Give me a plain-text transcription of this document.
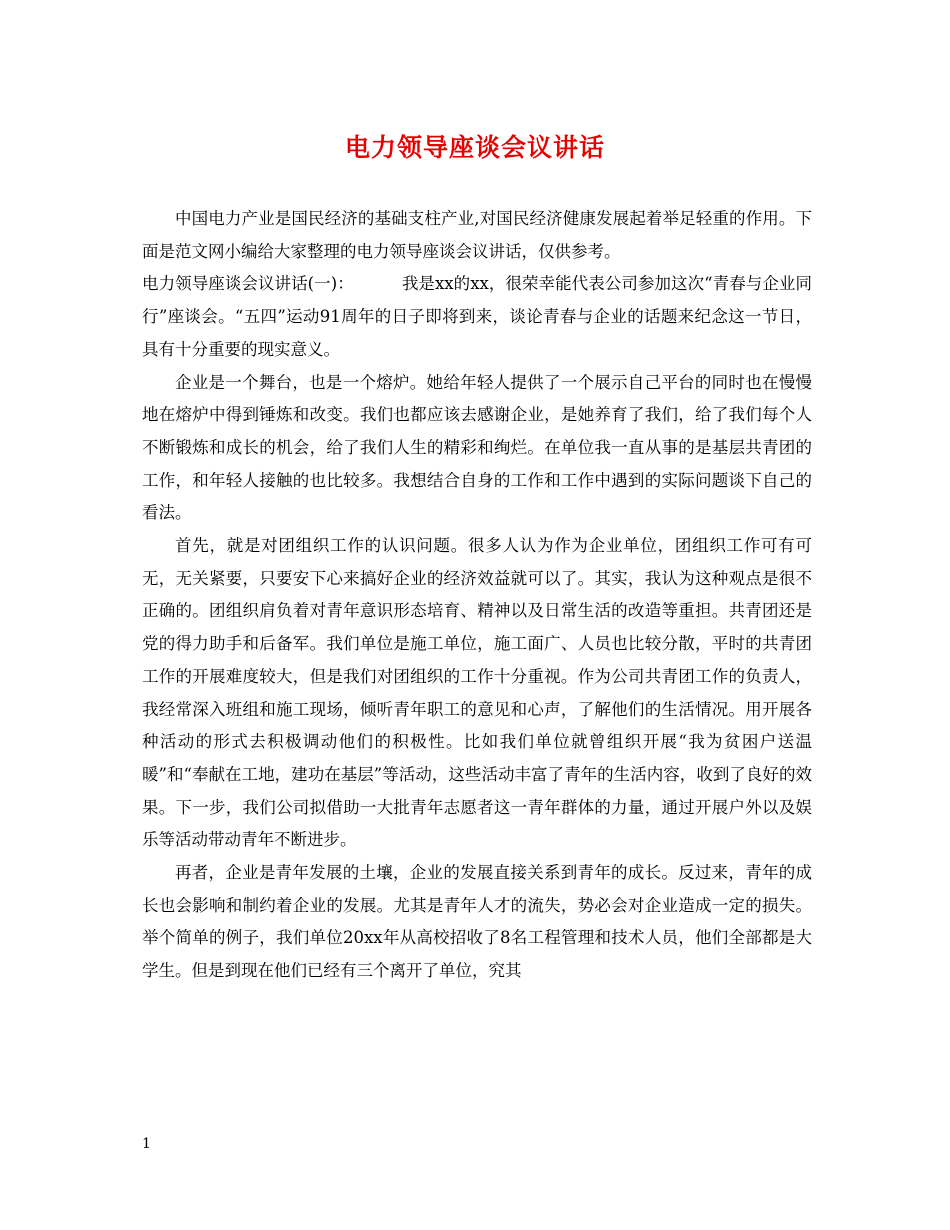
电力领导座谈会议讲话

中国电力产业是国民经济的基础支柱产业,对国民经济健康发展起着举足轻重的作用。下面是范文网小编给大家整理的电力领导座谈会议讲话，仅供参考。

电力领导座谈会议讲话(一)：	我是xx的xx，很荣幸能代表公司参加这次“青春与企业同行”座谈会。“五四”运动91周年的日子即将到来，谈论青春与企业的话题来纪念这一节日，具有十分重要的现实意义。

企业是一个舞台，也是一个熔炉。她给年轻人提供了一个展示自己平台的同时也在慢慢地在熔炉中得到锤炼和改变。我们也都应该去感谢企业，是她养育了我们，给了我们每个人不断锻炼和成长的机会，给了我们人生的精彩和绚烂。在单位我一直从事的是基层共青团的工作，和年轻人接触的也比较多。我想结合自身的工作和工作中遇到的实际问题谈下自己的看法。

首先，就是对团组织工作的认识问题。很多人认为作为企业单位，团组织工作可有可无，无关紧要，只要安下心来搞好企业的经济效益就可以了。其实，我认为这种观点是很不正确的。团组织肩负着对青年意识形态培育、精神以及日常生活的改造等重担。共青团还是党的得力助手和后备军。我们单位是施工单位，施工面广、人员也比较分散，平时的共青团工作的开展难度较大，但是我们对团组织的工作十分重视。作为公司共青团工作的负责人，我经常深入班组和施工现场，倾听青年职工的意见和心声，了解他们的生活情况。用开展各种活动的形式去积极调动他们的积极性。比如我们单位就曾组织开展“我为贫困户送温暖”和“奉献在工地，建功在基层”等活动，这些活动丰富了青年的生活内容，收到了良好的效果。下一步，我们公司拟借助一大批青年志愿者这一青年群体的力量，通过开展户外以及娱乐等活动带动青年不断进步。

再者，企业是青年发展的土壤，企业的发展直接关系到青年的成长。反过来，青年的成长也会影响和制约着企业的发展。尤其是青年人才的流失，势必会对企业造成一定的损失。举个简单的例子，我们单位20xx年从高校招收了8名工程管理和技术人员，他们全部都是大学生。但是到现在他们已经有三个离开了单位，究其

1
